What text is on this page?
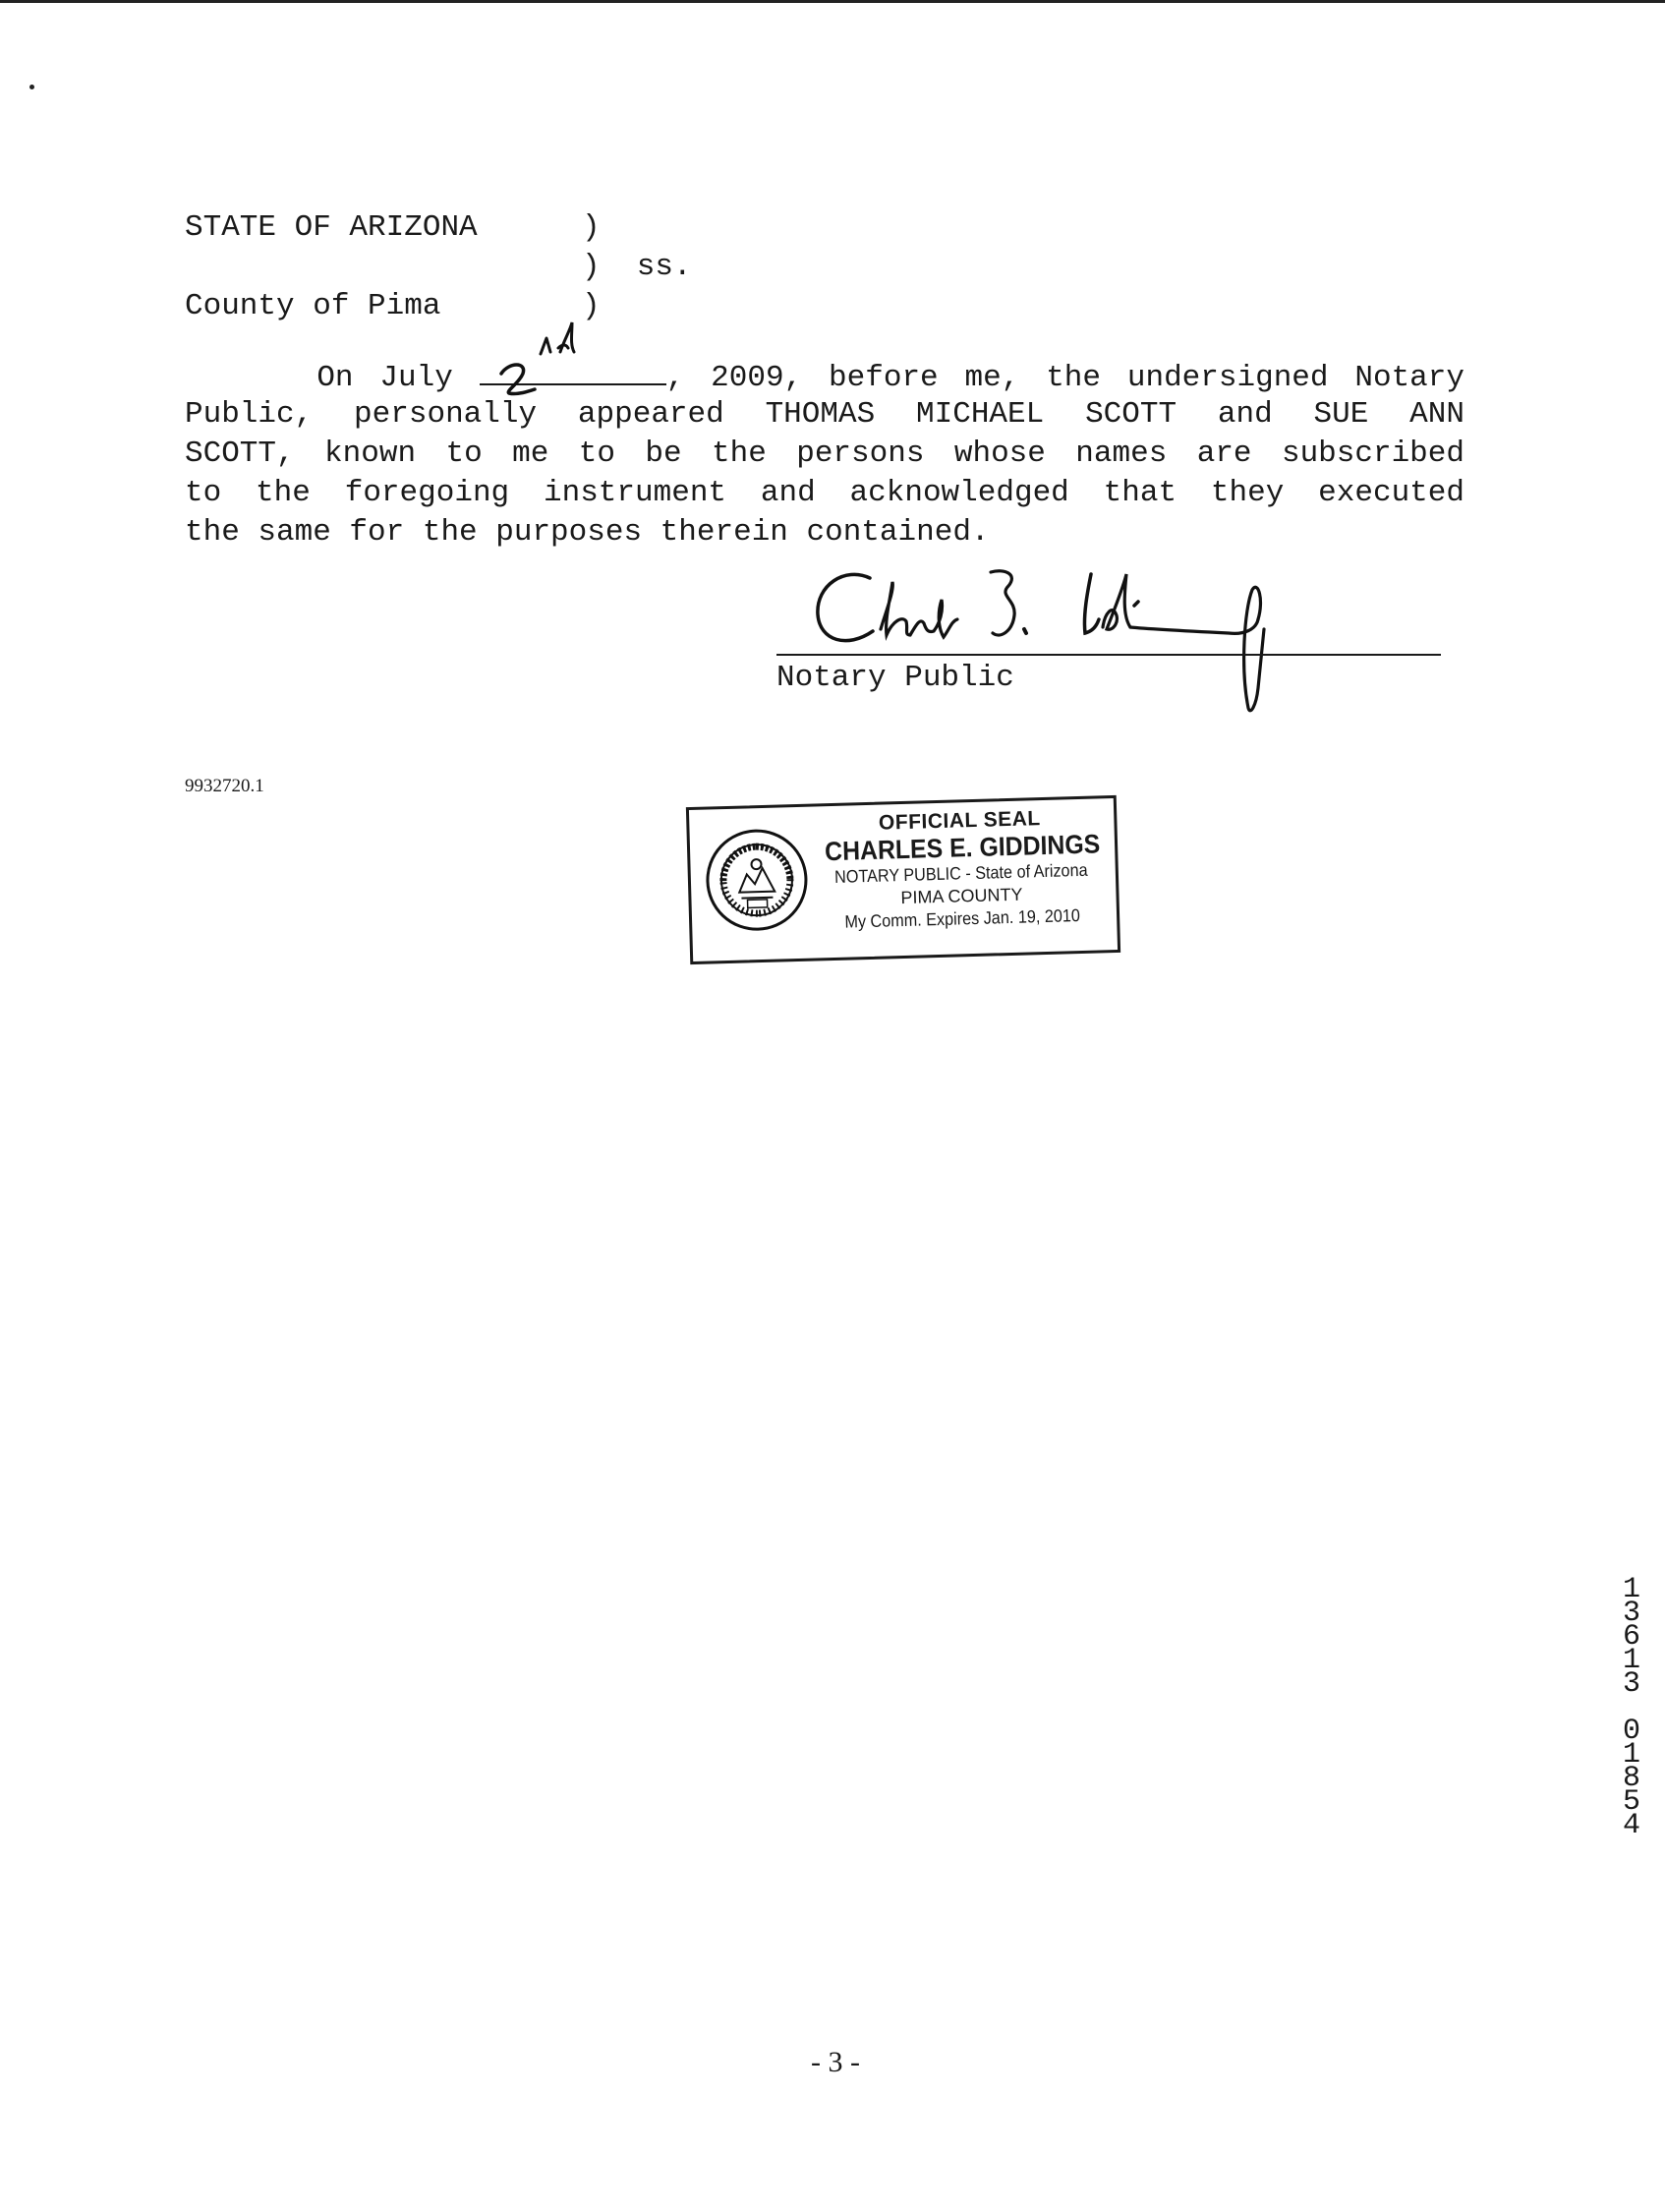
STATE OF ARIZONA	)
)  ss.
County of Pima	)
On July	, 2009, before me, the undersigned Notary
Public, personally appeared THOMAS MICHAEL SCOTT and SUE ANN
SCOTT, known to me to be the persons whose names are subscribed
to the foregoing instrument and acknowledged that they executed
the same for the purposes therein contained.
Notary Public
9932720.1
OFFICIAL SEAL
CHARLES E. GIDDINGS
NOTARY PUBLIC - State of Arizona
PIMA COUNTY
My Comm. Expires Jan. 19, 2010
1
3
6
1
3
0
1
8
5
4
- 3 -
